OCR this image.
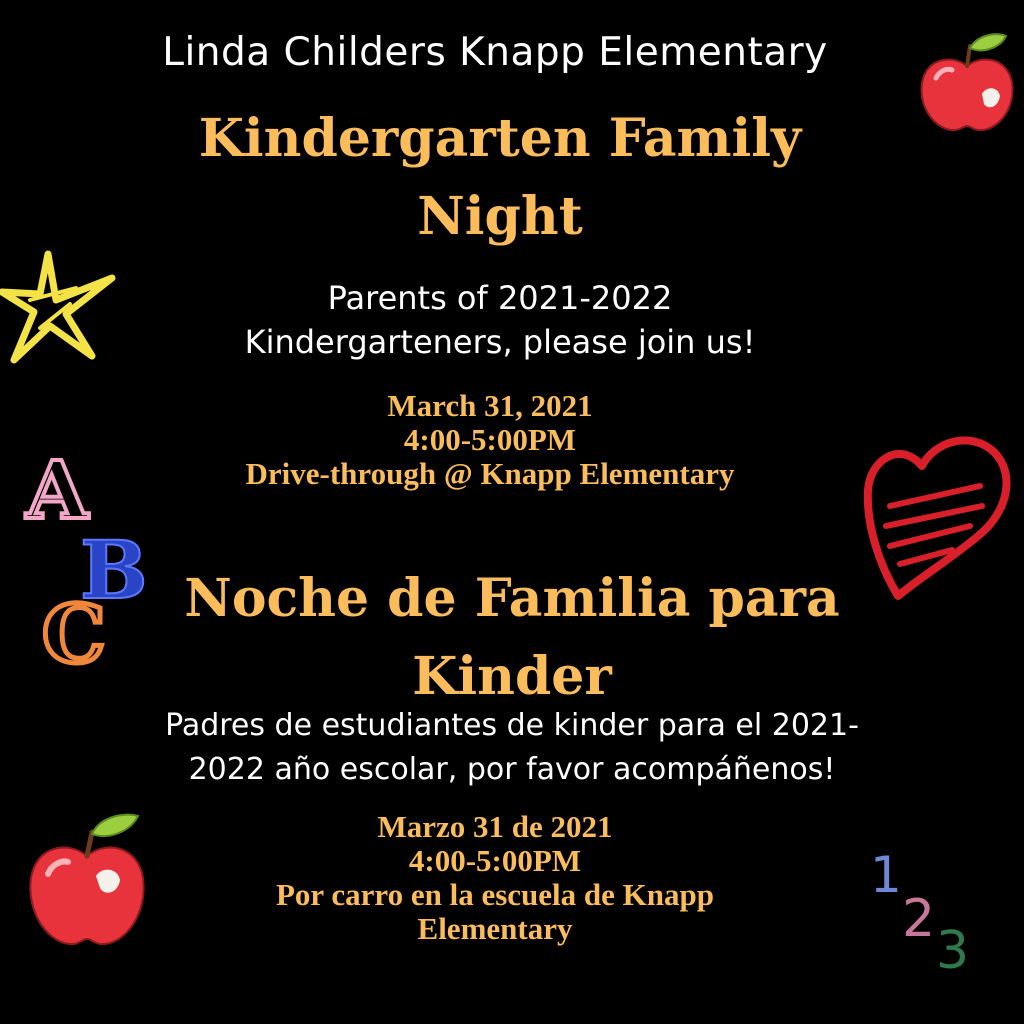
Linda Childers Knapp Elementary
Kindergarten Family
Night
Parents of 2021-2022
Kindergarteners, please join us!
March 31, 2021
4:00-5:00PM
Drive-through @ Knapp Elementary
Noche de Familia para
Kinder
Padres de estudiantes de kinder para el 2021-
2022 año escolar, por favor acompáñenos!
Marzo 31 de 2021
4:00-5:00PM
Por carro en la escuela de Knapp
Elementary
A
B
C
1
2
3
